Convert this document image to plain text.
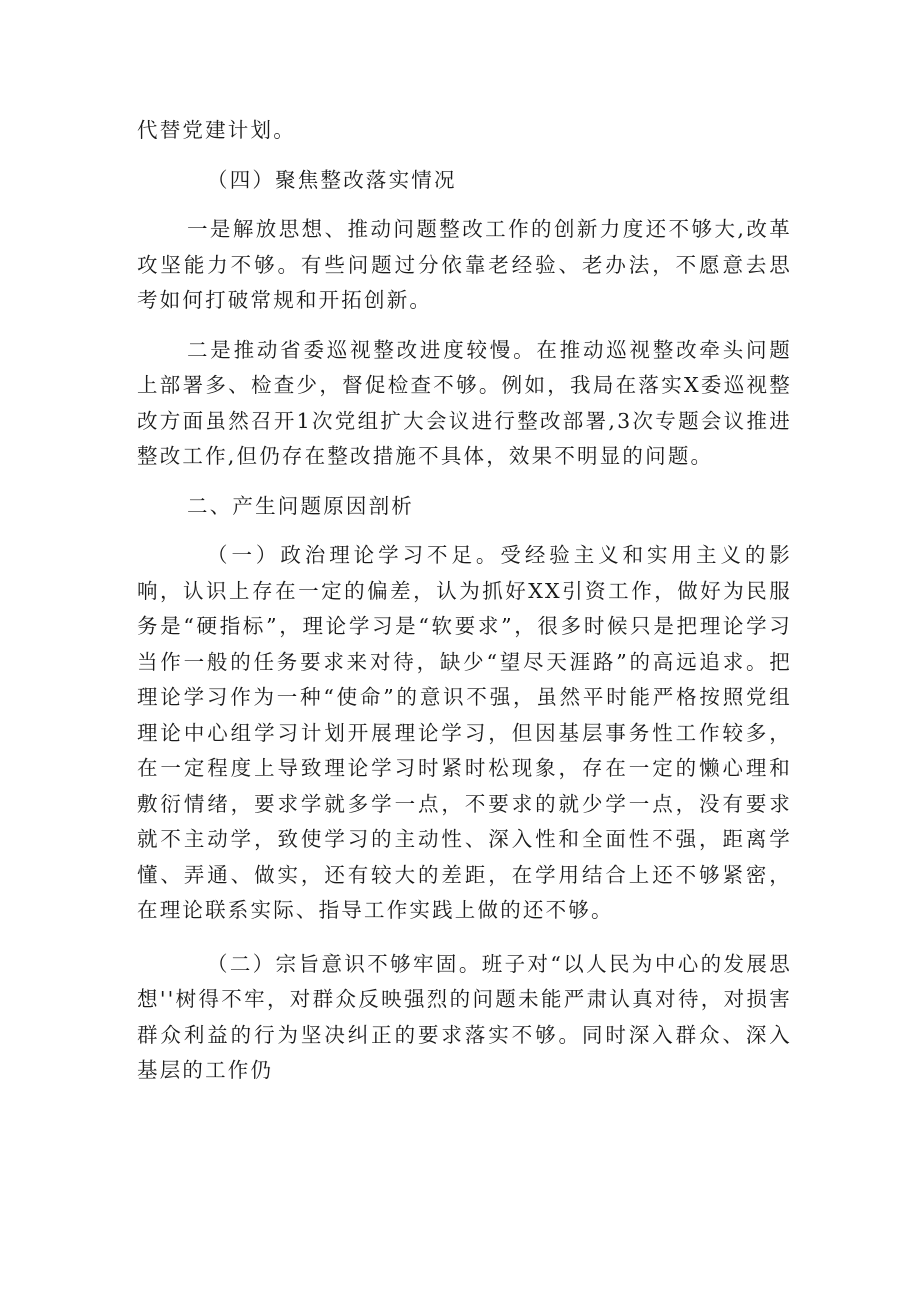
代替党建计划。

（四）聚焦整改落实情况

一是解放思想、推动问题整改工作的创新力度还不够大,改革攻坚能力不够。有些问题过分依靠老经验、老办法，不愿意去思考如何打破常规和开拓创新。

二是推动省委巡视整改进度较慢。在推动巡视整改牵头问题上部署多、检查少，督促检查不够。例如，我局在落实X委巡视整改方面虽然召开1次党组扩大会议进行整改部署,3次专题会议推进整改工作,但仍存在整改措施不具体，效果不明显的问题。

二、产生问题原因剖析

（一）政治理论学习不足。受经验主义和实用主义的影响，认识上存在一定的偏差，认为抓好XX引资工作，做好为民服务是“硬指标”，理论学习是“软要求”，很多时候只是把理论学习当作一般的任务要求来对待，缺少“望尽天涯路”的高远追求。把理论学习作为一种“使命”的意识不强，虽然平时能严格按照党组理论中心组学习计划开展理论学习，但因基层事务性工作较多，在一定程度上导致理论学习时紧时松现象，存在一定的懒心理和敷衍情绪，要求学就多学一点，不要求的就少学一点，没有要求就不主动学，致使学习的主动性、深入性和全面性不强，距离学懂、弄通、做实，还有较大的差距，在学用结合上还不够紧密，在理论联系实际、指导工作实践上做的还不够。

（二）宗旨意识不够牢固。班子对“以人民为中心的发展思想''树得不牢，对群众反映强烈的问题未能严肃认真对待，对损害群众利益的行为坚决纠正的要求落实不够。同时深入群众、深入基层的工作仍
